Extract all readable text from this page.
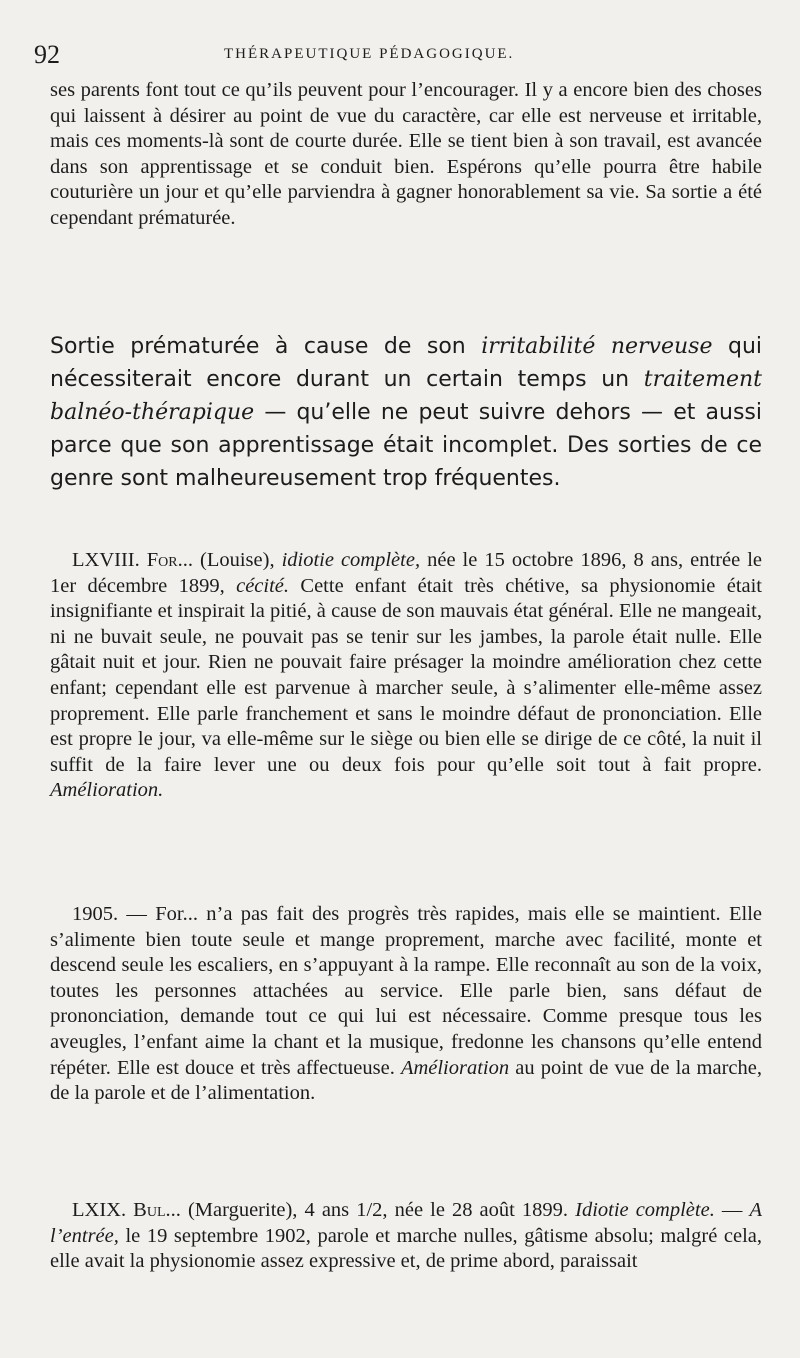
92	THÉRAPEUTIQUE PÉDAGOGIQUE.

ses parents font tout ce qu’ils peuvent pour l’encourager. Il y a encore bien des choses qui laissent à désirer au point de vue du caractère, car elle est nerveuse et irritable, mais ces moments-là sont de courte durée. Elle se tient bien à son travail, est avancée dans son apprentissage et se conduit bien. Espérons qu’elle pourra être habile couturière un jour et qu’elle parviendra à gagner honorablement sa vie. Sa sortie a été cependant prématurée.

Sortie prématurée à cause de son irritabilité nerveuse qui nécessiterait encore durant un certain temps un traitement balnéo-thérapique — qu’elle ne peut suivre dehors — et aussi parce que son apprentissage était incomplet. Des sorties de ce genre sont malheureusement trop fréquentes.

LXVIII. For... (Louise), idiotie complète, née le 15 octobre 1896, 8 ans, entrée le 1er décembre 1899, cécité. Cette enfant était très chétive, sa physionomie était insignifiante et inspirait la pitié, à cause de son mauvais état général. Elle ne mangeait, ni ne buvait seule, ne pouvait pas se tenir sur les jambes, la parole était nulle. Elle gâtait nuit et jour. Rien ne pouvait faire présager la moindre amélioration chez cette enfant; cependant elle est parvenue à marcher seule, à s’alimenter elle-même assez proprement. Elle parle franchement et sans le moindre défaut de prononciation. Elle est propre le jour, va elle-même sur le siège ou bien elle se dirige de ce côté, la nuit il suffit de la faire lever une ou deux fois pour qu’elle soit tout à fait propre. Amélioration.

1905. — For... n’a pas fait des progrès très rapides, mais elle se maintient. Elle s’alimente bien toute seule et mange proprement, marche avec facilité, monte et descend seule les escaliers, en s’appuyant à la rampe. Elle reconnaît au son de la voix, toutes les personnes attachées au service. Elle parle bien, sans défaut de prononciation, demande tout ce qui lui est nécessaire. Comme presque tous les aveugles, l’enfant aime la chant et la musique, fredonne les chansons qu’elle entend répéter. Elle est douce et très affectueuse. Amélioration au point de vue de la marche, de la parole et de l’alimentation.

LXIX. Bul... (Marguerite), 4 ans 1/2, née le 28 août 1899. Idiotie complète. — A l’entrée, le 19 septembre 1902, parole et marche nulles, gâtisme absolu; malgré cela, elle avait la physionomie assez expressive et, de prime abord, paraissait
